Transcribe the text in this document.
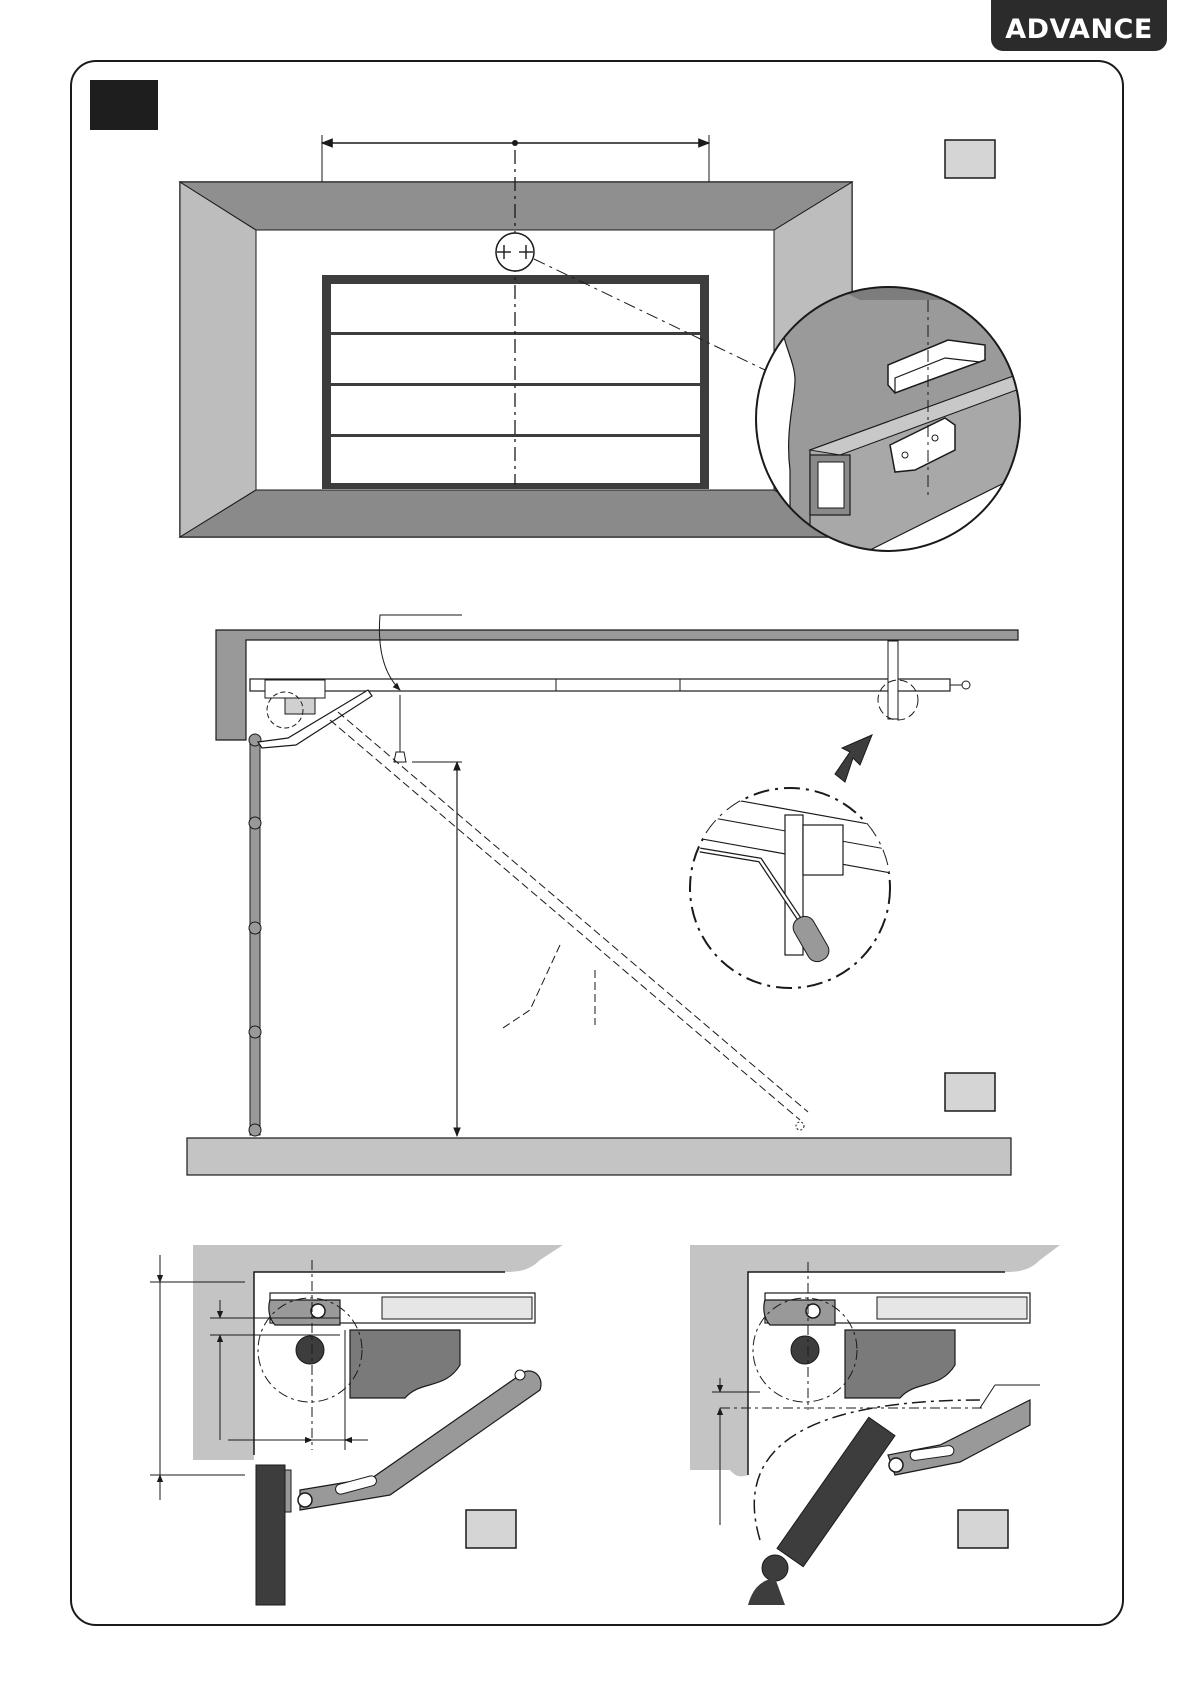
ADVANCE
